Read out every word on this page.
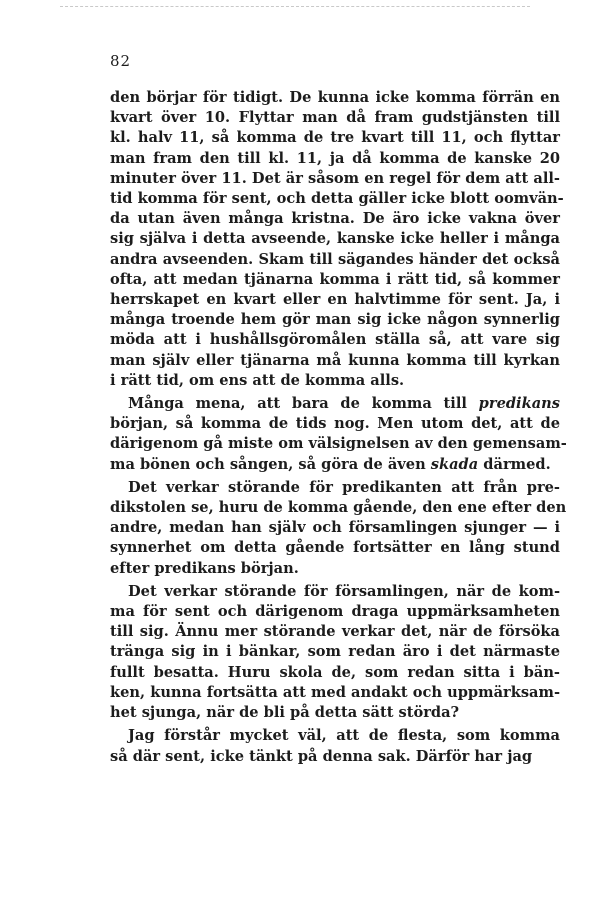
82

den börjar för tidigt. De kunna icke komma förrän en
kvart över 10. Flyttar man då fram gudstjänsten till
kl. halv 11, så komma de tre kvart till 11, och flyttar
man fram den till kl. 11, ja då komma de kanske 20
minuter över 11. Det är såsom en regel för dem att all-
tid komma för sent, och detta gäller icke blott oomvän-
da utan även många kristna. De äro icke vakna över
sig själva i detta avseende, kanske icke heller i många
andra avseenden. Skam till sägandes händer det också
ofta, att medan tjänarna komma i rätt tid, så kommer
herrskapet en kvart eller en halvtimme för sent. Ja, i
många troende hem gör man sig icke någon synnerlig
möda att i hushållsgöromålen ställa så, att vare sig
man själv eller tjänarna må kunna komma till kyrkan
i rätt tid, om ens att de komma alls.

Många mena, att bara de komma till predikans
början, så komma de tids nog. Men utom det, att de
därigenom gå miste om välsignelsen av den gemensam-
ma bönen och sången, så göra de även skada därmed.

Det verkar störande för predikanten att från pre-
dikstolen se, huru de komma gående, den ene efter den
andre, medan han själv och församlingen sjunger — i
synnerhet om detta gående fortsätter en lång stund
efter predikans början.

Det verkar störande för församlingen, när de kom-
ma för sent och därigenom draga uppmärksamheten
till sig. Ännu mer störande verkar det, när de försöka
tränga sig in i bänkar, som redan äro i det närmaste
fullt besatta. Huru skola de, som redan sitta i bän-
ken, kunna fortsätta att med andakt och uppmärksam-
het sjunga, när de bli på detta sätt störda?

Jag förstår mycket väl, att de flesta, som komma
så där sent, icke tänkt på denna sak. Därför har jag
